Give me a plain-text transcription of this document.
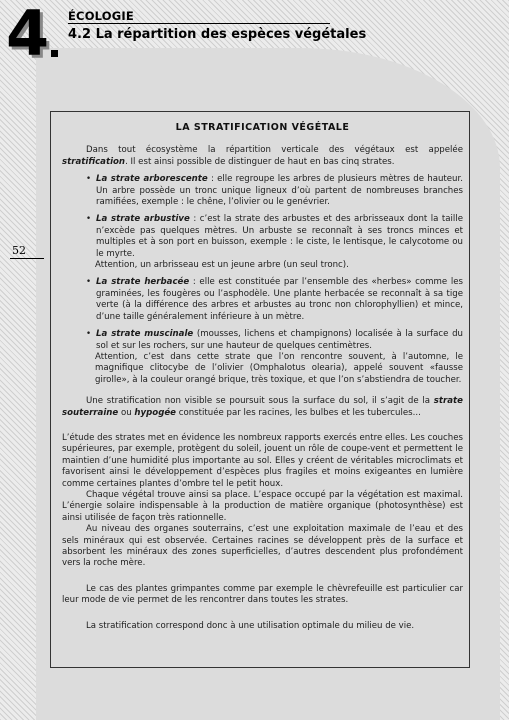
4	ÉCOLOGIE
4.2 La répartition des espèces végétales
52
LA STRATIFICATION VÉGÉTALE

Dans tout écosystème la répartition verticale des végétaux est appelée stratification. Il est ainsi possible de distinguer de haut en bas cinq strates.

• La strate arborescente : elle regroupe les arbres de plusieurs mètres de hauteur. Un arbre possède un tronc unique ligneux d’où partent de nombreuses branches ramifiées, exemple : le chêne, l’olivier ou le genévrier.

• La strate arbustive : c’est la strate des arbustes et des arbrisseaux dont la taille n’excède pas quelques mètres. Un arbuste se reconnaît à ses troncs minces et multiples et à son port en buisson, exemple : le ciste, le lentisque, le calycotome ou le myrte.

Attention, un arbrisseau est un jeune arbre (un seul tronc).

• La strate herbacée : elle est constituée par l’ensemble des «herbes» comme les graminées, les fougères ou l’asphodèle. Une plante herbacée se reconnaît à sa tige verte (à la différence des arbres et arbustes au tronc non chlorophyllien) et mince, d’une taille généralement inférieure à un mètre.

• La strate muscinale (mousses, lichens et champignons) localisée à la surface du sol et sur les rochers, sur une hauteur de quelques centimètres.

Attention, c’est dans cette strate que l’on rencontre souvent, à l’automne, le magnifique clitocybe de l’olivier (Omphalotus olearia), appelé souvent «fausse girolle», à la couleur orangé brique, très toxique, et que l’on s’abstiendra de toucher.

Une stratification non visible se poursuit sous la surface du sol, il s’agit de la strate souterraine ou hypogée constituée par les racines, les bulbes et les tubercules...

L’étude des strates met en évidence les nombreux rapports exercés entre elles. Les couches supérieures, par exemple, protègent du soleil, jouent un rôle de coupe-vent et permettent le maintien d’une humidité plus importante au sol. Elles y créent de véritables microclimats et favorisent ainsi le développement d’espèces plus fragiles et moins exigeantes en lumière comme certaines plantes d’ombre tel le petit houx.

Chaque végétal trouve ainsi sa place. L’espace occupé par la végétation est maximal. L’énergie solaire indispensable à la production de matière organique (photosynthèse) est ainsi utilisée de façon très rationnelle.

Au niveau des organes souterrains, c’est une exploitation maximale de l’eau et des sels minéraux qui est observée. Certaines racines se développent près de la surface et absorbent les minéraux des zones superficielles, d’autres descendent plus profondément vers la roche mère.

Le cas des plantes grimpantes comme par exemple le chèvrefeuille est particulier car leur mode de vie permet de les rencontrer dans toutes les strates.

La stratification correspond donc à une utilisation optimale du milieu de vie.
